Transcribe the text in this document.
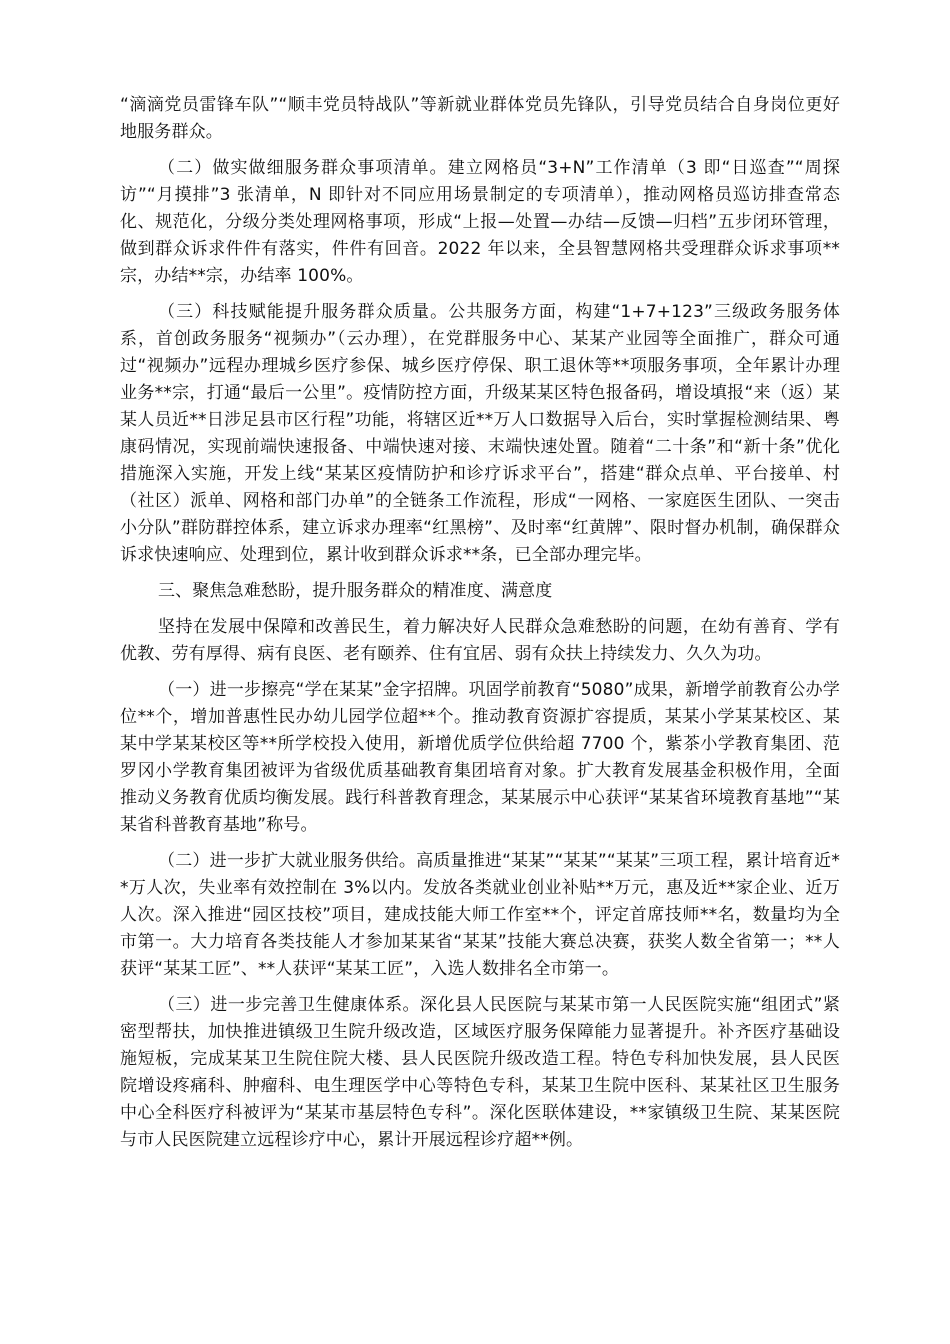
“滴滴党员雷锋车队”“顺丰党员特战队”等新就业群体党员先锋队，引导党员结合自身岗位更好地服务群众。

（二）做实做细服务群众事项清单。建立网格员“3+N”工作清单（3 即“日巡查”“周探访”“月摸排”3 张清单，N 即针对不同应用场景制定的专项清单），推动网格员巡访排查常态化、规范化，分级分类处理网格事项，形成“上报—处置—办结—反馈—归档”五步闭环管理，做到群众诉求件件有落实，件件有回音。2022 年以来，全县智慧网格共受理群众诉求事项**宗，办结**宗，办结率 100%。

（三）科技赋能提升服务群众质量。公共服务方面，构建“1+7+123”三级政务服务体系，首创政务服务“视频办”（云办理），在党群服务中心、某某产业园等全面推广，群众可通过“视频办”远程办理城乡医疗参保、城乡医疗停保、职工退休等**项服务事项，全年累计办理业务**宗，打通“最后一公里”。疫情防控方面，升级某某区特色报备码，增设填报“来（返）某某人员近**日涉足县市区行程”功能，将辖区近**万人口数据导入后台，实时掌握检测结果、粤康码情况，实现前端快速报备、中端快速对接、末端快速处置。随着“二十条”和“新十条”优化措施深入实施，开发上线“某某区疫情防护和诊疗诉求平台”，搭建“群众点单、平台接单、村（社区）派单、网格和部门办单”的全链条工作流程，形成“一网格、一家庭医生团队、一突击小分队”群防群控体系，建立诉求办理率“红黑榜”、及时率“红黄牌”、限时督办机制，确保群众诉求快速响应、处理到位，累计收到群众诉求**条，已全部办理完毕。

三、聚焦急难愁盼，提升服务群众的精准度、满意度

坚持在发展中保障和改善民生，着力解决好人民群众急难愁盼的问题，在幼有善育、学有优教、劳有厚得、病有良医、老有颐养、住有宜居、弱有众扶上持续发力、久久为功。

（一）进一步擦亮“学在某某”金字招牌。巩固学前教育“5080”成果，新增学前教育公办学位**个，增加普惠性民办幼儿园学位超**个。推动教育资源扩容提质，某某小学某某校区、某某中学某某校区等**所学校投入使用，新增优质学位供给超 7700 个，紫茶小学教育集团、范罗冈小学教育集团被评为省级优质基础教育集团培育对象。扩大教育发展基金积极作用，全面推动义务教育优质均衡发展。践行科普教育理念，某某展示中心获评“某某省环境教育基地”“某某省科普教育基地”称号。

（二）进一步扩大就业服务供给。高质量推进“某某”“某某”“某某”三项工程，累计培育近**万人次，失业率有效控制在 3%以内。发放各类就业创业补贴**万元，惠及近**家企业、近万人次。深入推进“园区技校”项目，建成技能大师工作室**个，评定首席技师**名，数量均为全市第一。大力培育各类技能人才参加某某省“某某”技能大赛总决赛，获奖人数全省第一；**人获评“某某工匠”、**人获评“某某工匠”，入选人数排名全市第一。

（三）进一步完善卫生健康体系。深化县人民医院与某某市第一人民医院实施“组团式”紧密型帮扶，加快推进镇级卫生院升级改造，区域医疗服务保障能力显著提升。补齐医疗基础设施短板，完成某某卫生院住院大楼、县人民医院升级改造工程。特色专科加快发展，县人民医院增设疼痛科、肿瘤科、电生理医学中心等特色专科，某某卫生院中医科、某某社区卫生服务中心全科医疗科被评为“某某市基层特色专科”。深化医联体建设，**家镇级卫生院、某某医院与市人民医院建立远程诊疗中心，累计开展远程诊疗超**例。
